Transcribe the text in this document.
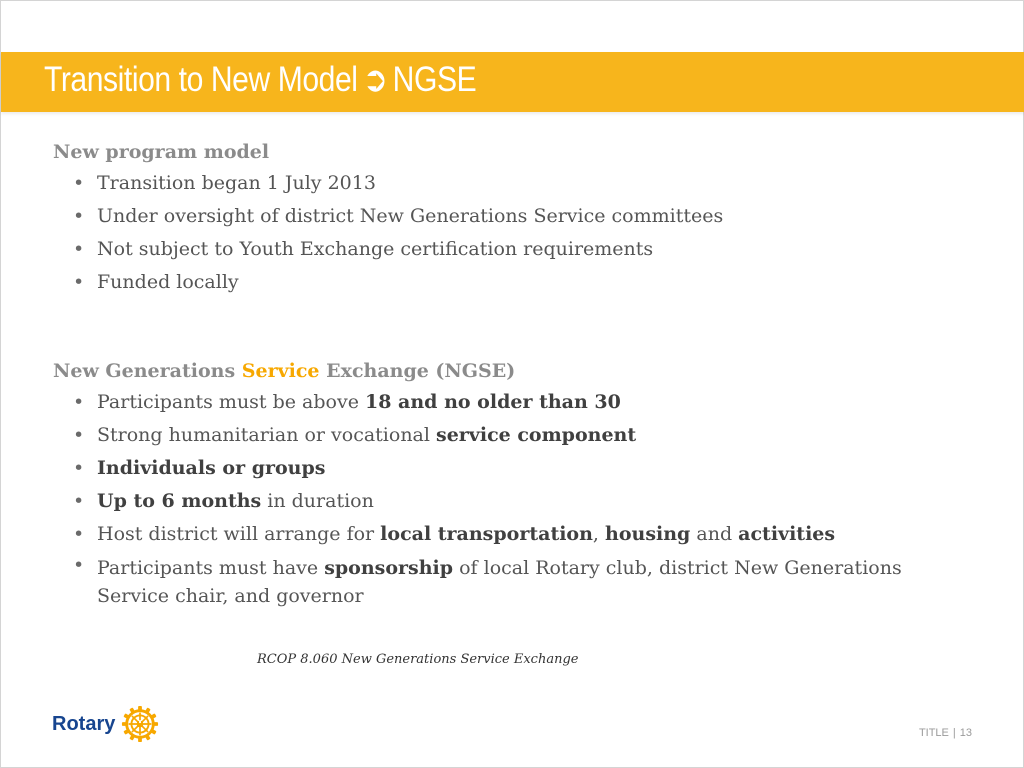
Transition to New Model ➲ NGSE

New program model

• Transition began 1 July 2013
• Under oversight of district New Generations Service committees
• Not subject to Youth Exchange certification requirements
• Funded locally

New Generations Service Exchange (NGSE)

• Participants must be above 18 and no older than 30
• Strong humanitarian or vocational service component
• Individuals or groups
• Up to 6 months in duration
• Host district will arrange for local transportation, housing and activities
• Participants must have sponsorship of local Rotary club, district New Generations Service chair, and governor
RCOP 8.060 New Generations Service Exchange
Rotary	TITLE | 13
